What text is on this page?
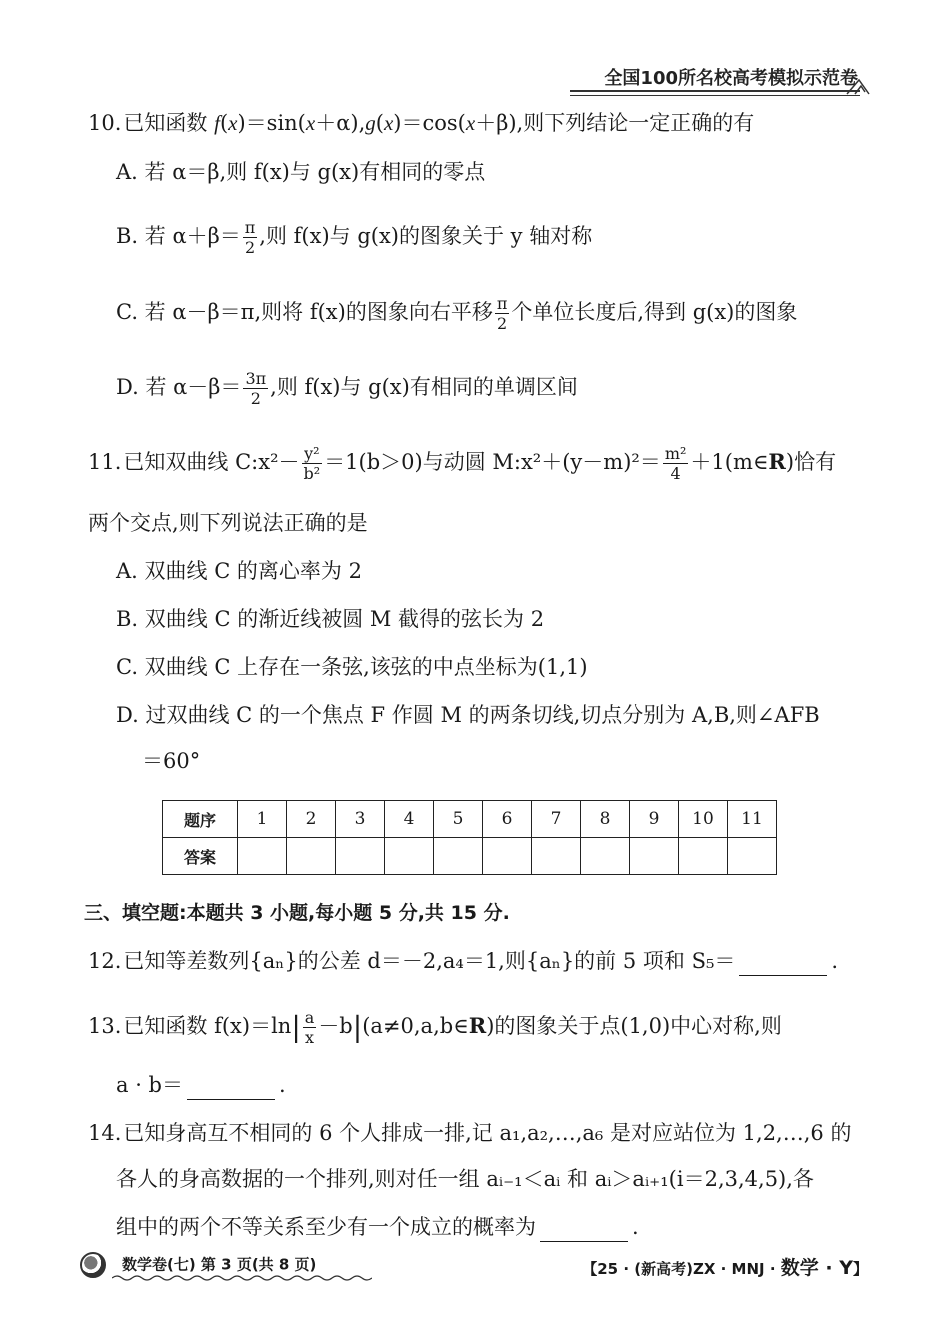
全国100所名校高考模拟示范卷
10.已知函数 f(x)＝sin(x＋α),g(x)＝cos(x＋β),则下列结论一定正确的有
A. 若 α＝β,则 f(x)与 g(x)有相同的零点
B. 若 $\alpha+\beta= \frac{\pi}{2}$ ,则 f(x)与 g(x)的图象关于 y 轴对称
C. 若 α－β＝π,则将 f(x)的图象向右平移 $\frac{\pi}{2}$ 个单位长度后,得到 g(x)的图象
D. 若 $\alpha-\beta= \frac{3\pi}{2}$ ,则 f(x)与 g(x)有相同的单调区间
11.已知双曲线 C:x²－ $\frac{\text{y²}}{\text{b²}} =1(b>0)$与动圆 M:x²＋(y－m)²＝ $\frac{\text{m²}}{4}$ ＋1(m∈R)恰有
两个交点,则下列说法正确的是
A. 双曲线 C 的离心率为 2
B. 双曲线 C 的渐近线被圆 M 截得的弦长为 2
C. 双曲线 C 上存在一条弦,该弦的中点坐标为(1,1)
D. 过双曲线 C 的一个焦点 F 作圆 M 的两条切线,切点分别为 A,B,则∠AFB
＝60°
题序	1	2	3	4	5	6	7	8	9	10	11
答案											
三、填空题:本题共 3 小题,每小题 5 分,共 15 分.
12.已知等差数列{aₙ}的公差 d＝－2,a₄＝1,则{aₙ}的前 5 项和 S₅＝	.
13.已知函数 $f(x)=\ln| \frac{a}{x}$ －b|(a≠0,a,b∈R)的图象关于点(1,0)中心对称,则
a · b＝	.
14.已知身高互不相同的 6 个人排成一排,记 a₁,a₂,…,a₆ 是对应站位为 1,2,…,6 的
各人的身高数据的一个排列,则对任一组 aᵢ₋₁＜aᵢ 和 aᵢ＞aᵢ₊₁(i＝2,3,4,5),各
组中的两个不等关系至少有一个成立的概率为	.
数学卷(七) 第 3 页(共 8 页)	【25 · (新高考)ZX · MNJ · 数学 · Y】
